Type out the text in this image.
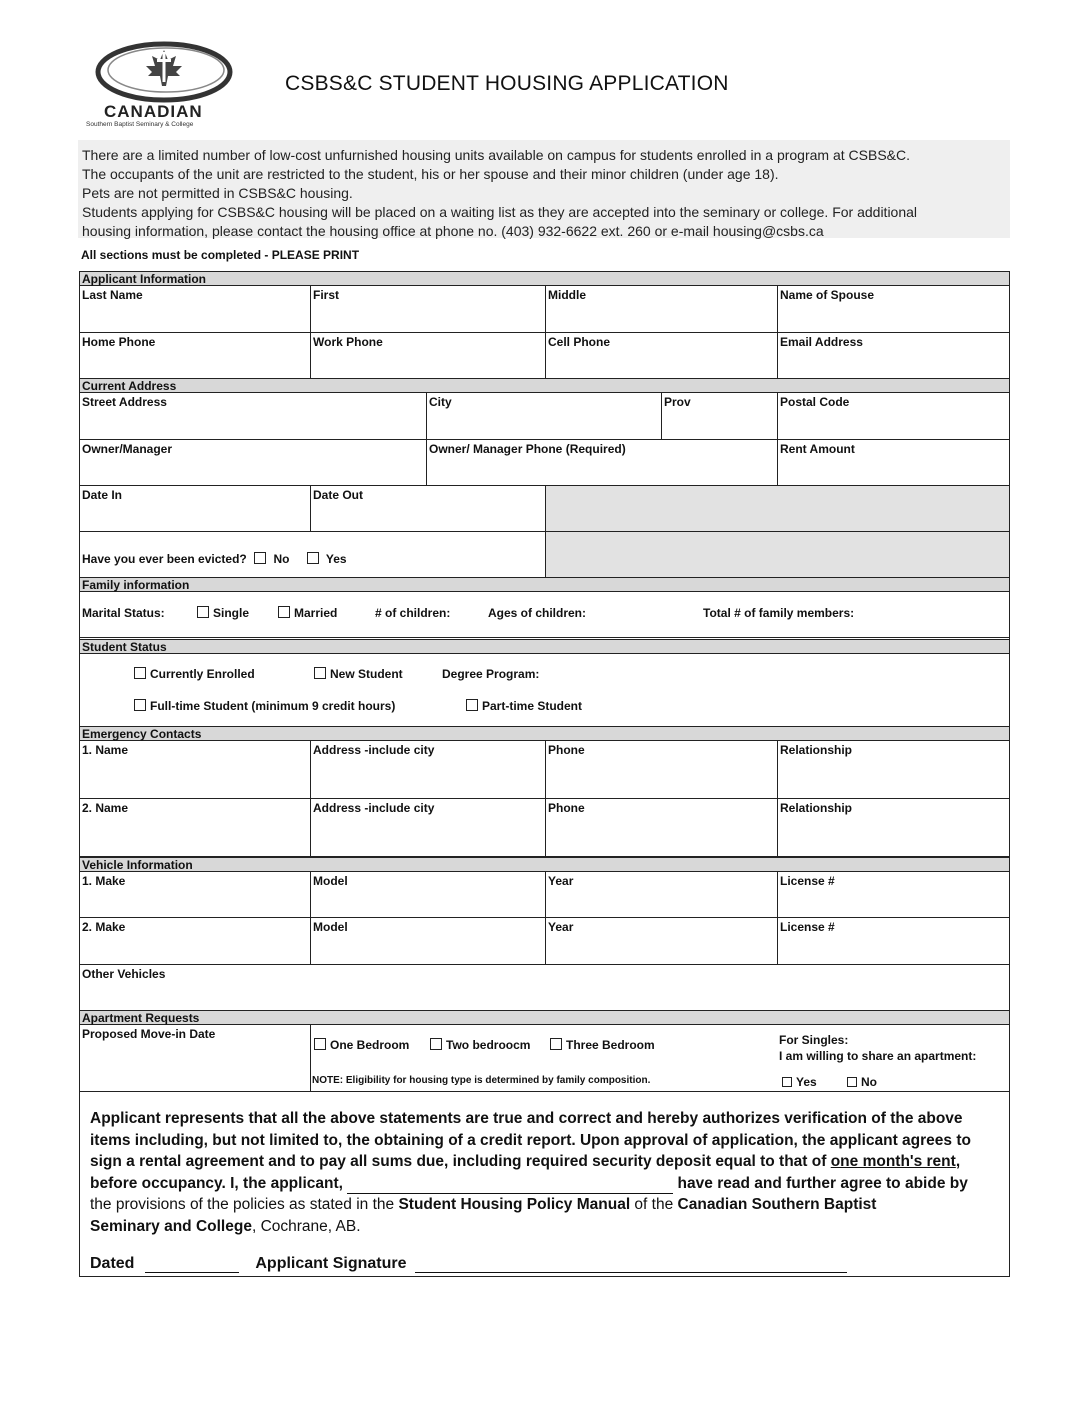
CANADIAN
Southern Baptist Seminary & College
CSBS&C STUDENT HOUSING APPLICATION

There are a limited number of low-cost unfurnished housing units available on campus for students enrolled in a program at CSBS&C.

The occupants of the unit are restricted to the student, his or her spouse and their minor children (under age 18).

Pets are not permitted in CSBS&C housing.

Students applying for CSBS&C housing will be placed on a waiting list as they are accepted into the seminary or college. For additional

housing information, please contact the housing office at phone no. (403) 932-6622 ext. 260 or e-mail housing@csbs.ca

All sections must be completed - PLEASE PRINT
Applicant Information
Last Name	First	Middle	Name of Spouse
Home Phone	Work Phone	Cell Phone	Email Address
Current Address
Street Address	City	Prov	Postal Code
Owner/Manager	Owner/ Manager Phone (Required)	Rent Amount
Date In	Date Out
Have you ever been evicted? No	Yes
Family information
Marital Status:	Single	Married	# of children:	Ages of children:	Total # of family members:
Student Status
Currently Enrolled	New Student	Degree Program:
Full-time Student (minimum 9 credit hours)	Part-time Student
Emergency Contacts
1. Name	Address -include city	Phone	Relationship
2. Name	Address -include city	Phone	Relationship
Vehicle Information
1. Make	Model	Year	License #
2. Make	Model	Year	License #
Other Vehicles
Apartment Requests
Proposed Move-in Date
One Bedroom	Two bedroocm	Three Bedroom
NOTE: Eligibility for housing type is determined by family composition.
For Singles:
I am willing to share an apartment:
Yes	No
Applicant represents that all the above statements are true and correct and hereby authorizes verification of the above
items including, but not limited to, the obtaining of a credit report. Upon approval of application, the applicant agrees to
sign a rental agreement and to pay all sums due, including required security deposit equal to that of one month's rent,
before occupancy. I, the applicant,	have read and further agree to abide by
the provisions of the policies as stated in the Student Housing Policy Manual of the Canadian Southern Baptist
Seminary and College, Cochrane, AB.
Dated	Applicant Signature
